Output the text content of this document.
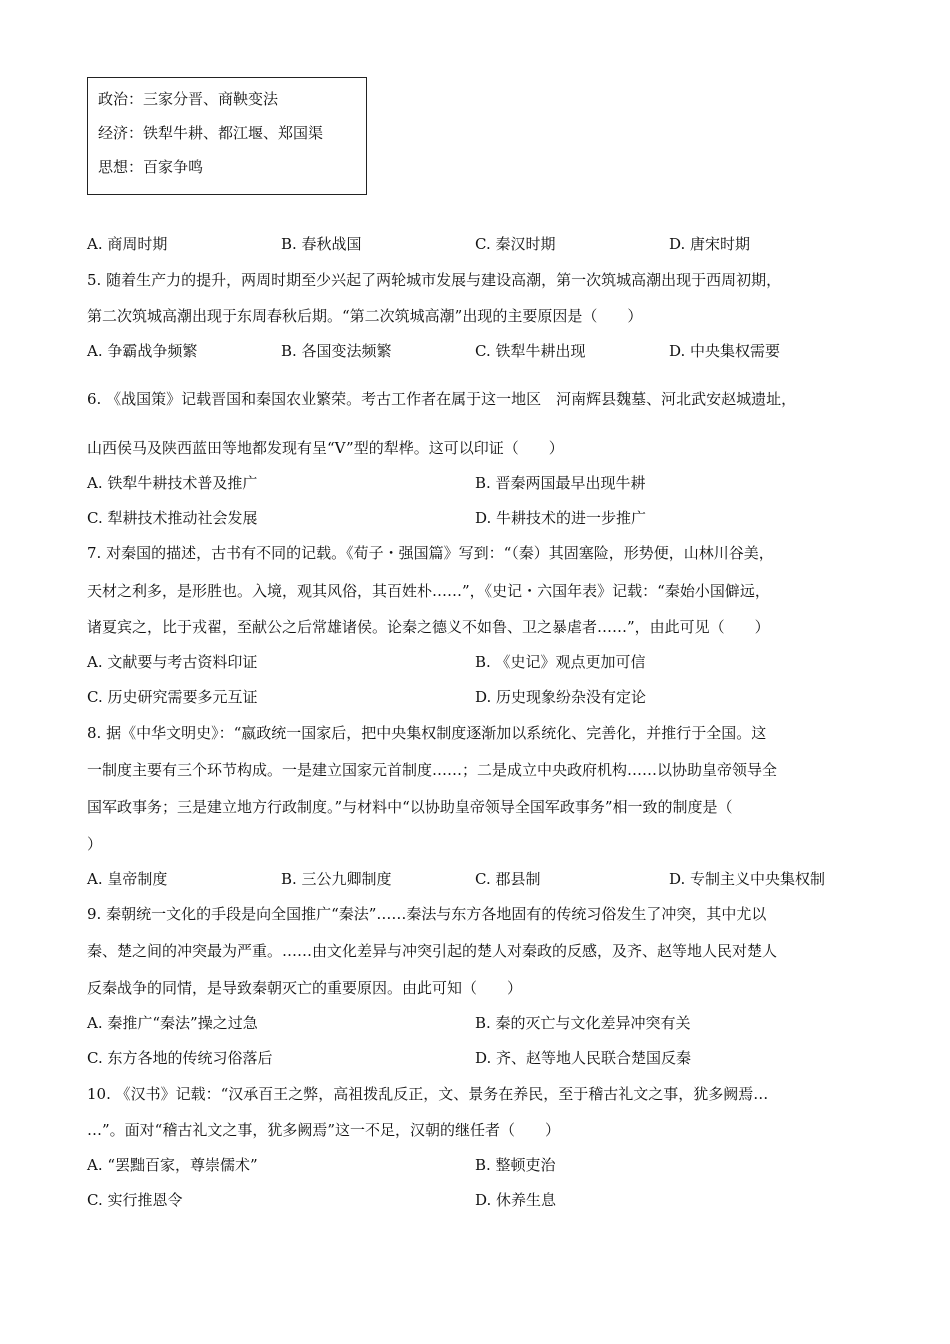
政治：三家分晋、商鞅变法
经济：铁犁牛耕、都江堰、郑国渠
思想：百家争鸣
A. 商周时期	B. 春秋战国	C. 秦汉时期	D. 唐宋时期
5. 随着生产力的提升，两周时期至少兴起了两轮城市发展与建设高潮，第一次筑城高潮出现于西周初期，
第二次筑城高潮出现于东周春秋后期。“第二次筑城高潮”出现的主要原因是（　　）
A. 争霸战争频繁	B. 各国变法频繁	C. 铁犁牛耕出现	D. 中央集权需要
6. 《战国策》记载晋国和秦国农业繁荣。考古工作者在属于这一地区　河南辉县魏墓、河北武安赵城遗址，
山西侯马及陕西蓝田等地都发现有呈“V”型的犁桦。这可以印证（　　）
A. 铁犁牛耕技术普及推广	B. 晋秦两国最早出现牛耕
C. 犁耕技术推动社会发展	D. 牛耕技术的进一步推广
7. 对秦国的描述，古书有不同的记载。《荀子・强国篇》写到：“（秦）其固塞险，形势便，山林川谷美，
天材之利多，是形胜也。入境，观其风俗，其百姓朴……”，《史记・六国年表》记载：“秦始小国僻远，
诸夏宾之，比于戎翟，至献公之后常雄诸侯。论秦之德义不如鲁、卫之暴虐者……”，由此可见（　　）
A. 文献要与考古资料印证	B. 《史记》观点更加可信
C. 历史研究需要多元互证	D. 历史现象纷杂没有定论
8. 据《中华文明史》：“嬴政统一国家后，把中央集权制度逐渐加以系统化、完善化，并推行于全国。这
一制度主要有三个环节构成。一是建立国家元首制度……；二是成立中央政府机构……以协助皇帝领导全
国军政事务；三是建立地方行政制度。”与材料中“以协助皇帝领导全国军政事务”相一致的制度是（
）
A. 皇帝制度	B. 三公九卿制度	C. 郡县制	D. 专制主义中央集权制
9. 秦朝统一文化的手段是向全国推广“秦法”……秦法与东方各地固有的传统习俗发生了冲突，其中尤以
秦、楚之间的冲突最为严重。……由文化差异与冲突引起的楚人对秦政的反感，及齐、赵等地人民对楚人
反秦战争的同情，是导致秦朝灭亡的重要原因。由此可知（　　）
A. 秦推广“秦法”操之过急	B. 秦的灭亡与文化差异冲突有关
C. 东方各地的传统习俗落后	D. 齐、赵等地人民联合楚国反秦
10. 《汉书》记载：“汉承百王之弊，高祖拨乱反正，文、景务在养民，至于稽古礼文之事，犹多阙焉…
…”。面对“稽古礼文之事，犹多阙焉”这一不足，汉朝的继任者（　　）
A. “罢黜百家，尊崇儒术”	B. 整顿吏治
C. 实行推恩令	D. 休养生息
